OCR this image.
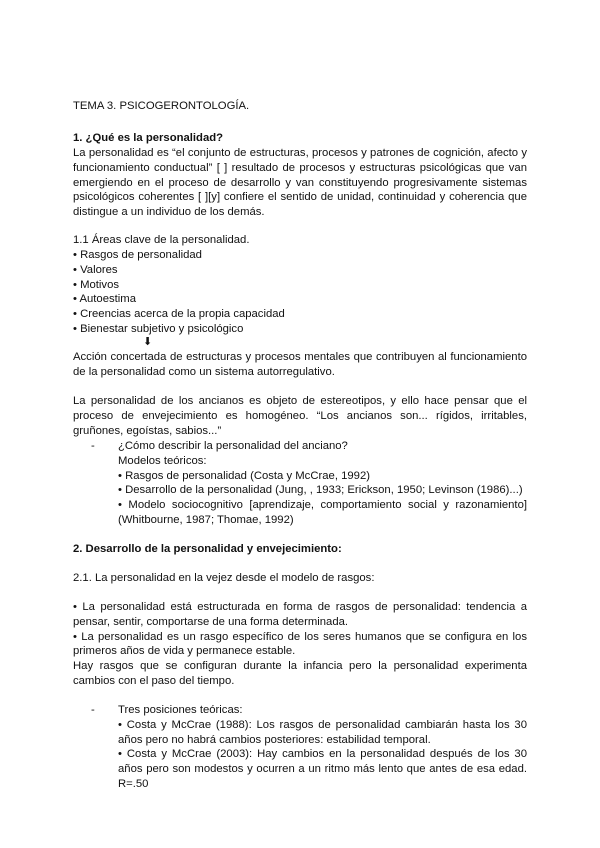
TEMA 3. PSICOGERONTOLOGÍA.
1. ¿Qué es la personalidad?
La personalidad es “el conjunto de estructuras, procesos y patrones de cognición, afecto y funcionamiento conductual” [ ] resultado de procesos y estructuras psicológicas que van emergiendo en el proceso de desarrollo y van constituyendo progresivamente sistemas psicológicos coherentes [ ][y] confiere el sentido de unidad, continuidad y coherencia que distingue a un individuo de los demás.
1.1 Áreas clave de la personalidad.

• Rasgos de personalidad

• Valores

• Motivos

• Autoestima

• Creencias acerca de la propia capacidad

• Bienestar subjetivo y psicológico

⬇
Acción concertada de estructuras y procesos mentales que contribuyen al funcionamiento de la personalidad como un sistema autorregulativo.
La personalidad de los ancianos es objeto de estereotipos, y ello hace pensar que el proceso de envejecimiento es homogéneo. “Los ancianos son... rígidos, irritables, gruñones, egoístas, sabios...”
- ¿Cómo describir la personalidad del anciano?

Modelos teóricos:

• Rasgos de personalidad (Costa y McCrae, 1992)

• Desarrollo de la personalidad (Jung, , 1933; Erickson, 1950; Levinson (1986)...)

• Modelo sociocognitivo [aprendizaje, comportamiento social y razonamiento] (Whitbourne, 1987; Thomae, 1992)

2. Desarrollo de la personalidad y envejecimiento:
2.1. La personalidad en la vejez desde el modelo de rasgos:

• La personalidad está estructurada en forma de rasgos de personalidad: tendencia a pensar, sentir, comportarse de una forma determinada.

• La personalidad es un rasgo específico de los seres humanos que se configura en los primeros años de vida y permanece estable.

Hay rasgos que se configuran durante la infancia pero la personalidad experimenta cambios con el paso del tiempo.

- Tres posiciones teóricas:

• Costa y McCrae (1988): Los rasgos de personalidad cambiarán hasta los 30 años pero no habrá cambios posteriores: estabilidad temporal.

• Costa y McCrae (2003): Hay cambios en la personalidad después de los 30 años pero son modestos y ocurren a un ritmo más lento que antes de esa edad. R=.50
